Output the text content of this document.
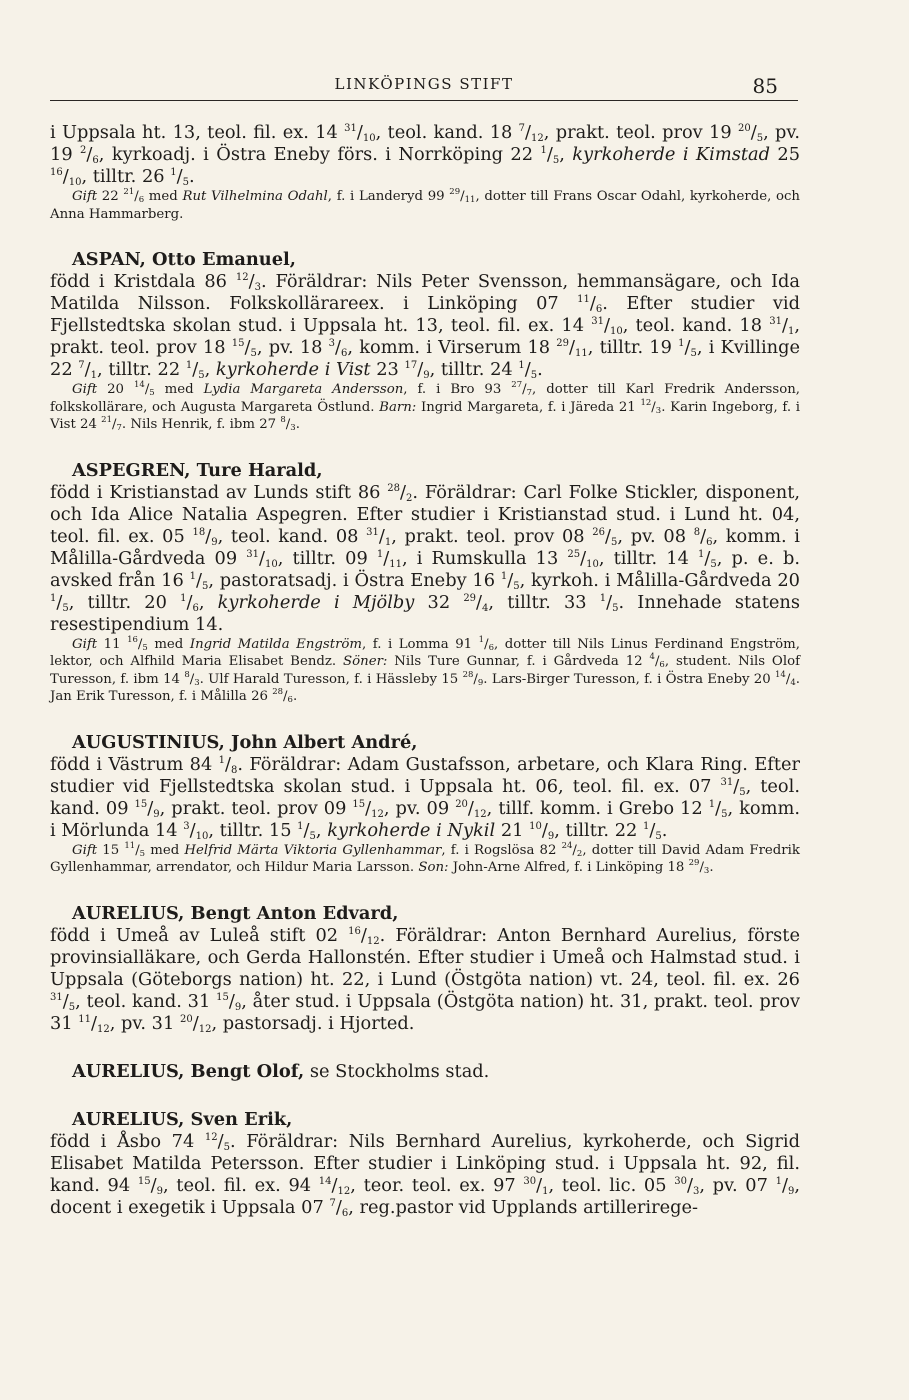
LINKÖPINGS STIFT	85

i Uppsala ht. 13, teol. fil. ex. 14 $^{31}/_{10}$, teol. kand. 18 $^7/_{12}$, prakt. teol. prov 19 $^{20}/_5$, pv. 19 $^2/_6$, kyrkoadj. i Östra Eneby förs. i Norrköping 22 $^1/_5$, kyrkoherde i Kimstad 25 $^{16}/_{10}$, tilltr. 26 $^1/_5$.

Gift 22 $^{21}/_6$ med Rut Vilhelmina Odahl, f. i Landeryd 99 $^{29}/_{11}$, dotter till Frans Oscar Odahl, kyrkoherde, och Anna Hammarberg.

ASPAN, Otto Emanuel,

född i Kristdala 86 $^{12}/_3$. Föräldrar: Nils Peter Svensson, hemmansägare, och Ida Matilda Nilsson. Folkskollärareex. i Linköping 07 $^{11}/_6$. Efter studier vid Fjellstedtska skolan stud. i Uppsala ht. 13, teol. fil. ex. 14 $^{31}/_{10}$, teol. kand. 18 $^{31}/_1$, prakt. teol. prov 18 $^{15}/_5$, pv. 18 $^3/_6$, komm. i Virserum 18 $^{29}/_{11}$, tilltr. 19 $^1/_5$, i Kvillinge 22 $^7/_1$, tilltr. 22 $^1/_5$, kyrkoherde i Vist 23 $^{17}/_9$, tilltr. 24 $^1/_5$.

Gift 20 $^{14}/_5$ med Lydia Margareta Andersson, f. i Bro 93 $^{27}/_7$, dotter till Karl Fredrik Andersson, folkskollärare, och Augusta Margareta Östlund. Barn: Ingrid Margareta, f. i Järeda 21 $^{12}/_3$. Karin Ingeborg, f. i Vist 24 $^{21}/_7$. Nils Henrik, f. ibm 27 $^8/_3$.

ASPEGREN, Ture Harald,

född i Kristianstad av Lunds stift 86 $^{28}/_2$. Föräldrar: Carl Folke Stickler, disponent, och Ida Alice Natalia Aspegren. Efter studier i Kristianstad stud. i Lund ht. 04, teol. fil. ex. 05 $^{18}/_9$, teol. kand. 08 $^{31}/_1$, prakt. teol. prov 08 $^{26}/_5$, pv. 08 $^8/_6$, komm. i Målilla-Gårdveda 09 $^{31}/_{10}$, tilltr. 09 $^1/_{11}$, i Rumskulla 13 $^{25}/_{10}$, tilltr. 14 $^1/_5$, p. e. b. avsked från 16 $^1/_5$, pastoratsadj. i Östra Eneby 16 $^1/_5$, kyrkoh. i Målilla-Gårdveda 20 $^1/_5$, tilltr. 20 $^1/_6$, kyrkoherde i Mjölby 32 $^{29}/_4$, tilltr. 33 $^1/_5$. Innehade statens resestipendium 14.

Gift 11 $^{16}/_5$ med Ingrid Matilda Engström, f. i Lomma 91 $^1/_6$, dotter till Nils Linus Ferdinand Engström, lektor, och Alfhild Maria Elisabet Bendz. Söner: Nils Ture Gunnar, f. i Gårdveda 12 $^4/_6$, student. Nils Olof Turesson, f. ibm 14 $^8/_3$. Ulf Harald Turesson, f. i Hässleby 15 $^{28}/_9$. Lars-Birger Turesson, f. i Östra Eneby 20 $^{14}/_4$. Jan Erik Turesson, f. i Målilla 26 $^{28}/_6$.

AUGUSTINIUS, John Albert André,

född i Västrum 84 $^1/_8$. Föräldrar: Adam Gustafsson, arbetare, och Klara Ring. Efter studier vid Fjellstedtska skolan stud. i Uppsala ht. 06, teol. fil. ex. 07 $^{31}/_5$, teol. kand. 09 $^{15}/_9$, prakt. teol. prov 09 $^{15}/_{12}$, pv. 09 $^{20}/_{12}$, tillf. komm. i Grebo 12 $^1/_5$, komm. i Mörlunda 14 $^3/_{10}$, tilltr. 15 $^1/_5$, kyrkoherde i Nykil 21 $^{10}/_9$, tilltr. 22 $^1/_5$.

Gift 15 $^{11}/_5$ med Helfrid Märta Viktoria Gyllenhammar, f. i Rogslösa 82 $^{24}/_2$, dotter till David Adam Fredrik Gyllenhammar, arrendator, och Hildur Maria Larsson. Son: John-Arne Alfred, f. i Linköping 18 $^{29}/_3$.

AURELIUS, Bengt Anton Edvard,

född i Umeå av Luleå stift 02 $^{16}/_{12}$. Föräldrar: Anton Bernhard Aurelius, förste provinsialläkare, och Gerda Hallonstén. Efter studier i Umeå och Halmstad stud. i Uppsala (Göteborgs nation) ht. 22, i Lund (Östgöta nation) vt. 24, teol. fil. ex. 26 $^{31}/_5$, teol. kand. 31 $^{15}/_9$, åter stud. i Uppsala (Östgöta nation) ht. 31, prakt. teol. prov 31 $^{11}/_{12}$, pv. 31 $^{20}/_{12}$, pastorsadj. i Hjorted.

AURELIUS, Bengt Olof, se Stockholms stad.

AURELIUS, Sven Erik,

född i Åsbo 74 $^{12}/_5$. Föräldrar: Nils Bernhard Aurelius, kyrkoherde, och Sigrid Elisabet Matilda Petersson. Efter studier i Linköping stud. i Uppsala ht. 92, fil. kand. 94 $^{15}/_9$, teol. fil. ex. 94 $^{14}/_{12}$, teor. teol. ex. 97 $^{30}/_1$, teol. lic. 05 $^{30}/_3$, pv. 07 $^1/_9$, docent i exegetik i Uppsala 07 $^7/_6$, reg.pastor vid Upplands artillerirege-
